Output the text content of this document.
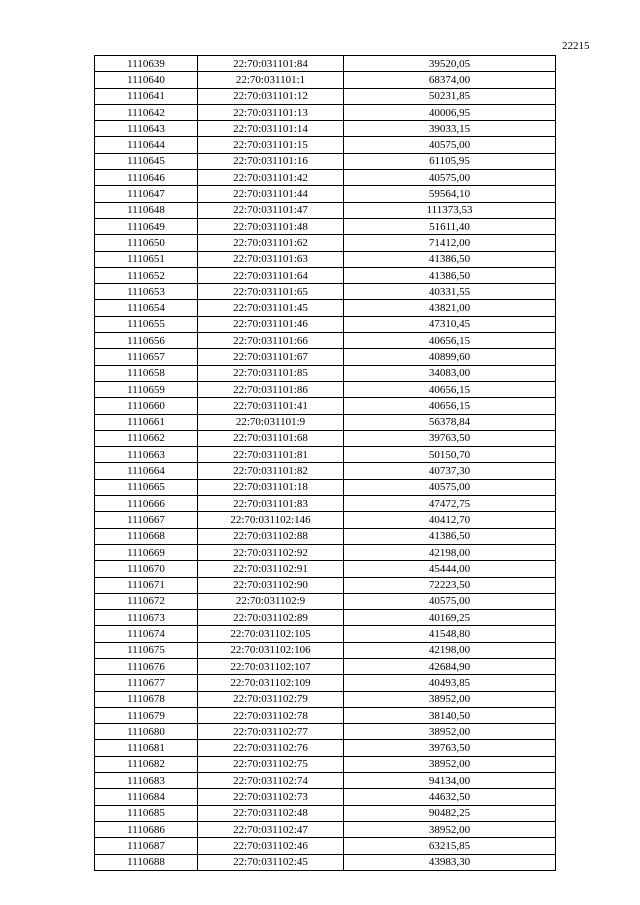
22215
1110639	22:70:031101:84	39520,05
1110640	22:70:031101:1	68374,00
1110641	22:70:031101:12	50231,85
1110642	22:70:031101:13	40006,95
1110643	22:70:031101:14	39033,15
1110644	22:70:031101:15	40575,00
1110645	22:70:031101:16	61105,95
1110646	22:70:031101:42	40575,00
1110647	22:70:031101:44	59564,10
1110648	22:70:031101:47	111373,53
1110649	22:70:031101:48	51611,40
1110650	22:70:031101:62	71412,00
1110651	22:70:031101:63	41386,50
1110652	22:70:031101:64	41386,50
1110653	22:70:031101:65	40331,55
1110654	22:70:031101:45	43821,00
1110655	22:70:031101:46	47310,45
1110656	22:70:031101:66	40656,15
1110657	22:70:031101:67	40899,60
1110658	22:70:031101:85	34083,00
1110659	22:70:031101:86	40656,15
1110660	22:70:031101:41	40656,15
1110661	22:70:031101:9	56378,84
1110662	22:70:031101:68	39763,50
1110663	22:70:031101:81	50150,70
1110664	22:70:031101:82	40737,30
1110665	22:70:031101:18	40575,00
1110666	22:70:031101:83	47472,75
1110667	22:70:031102:146	40412,70
1110668	22:70:031102:88	41386,50
1110669	22:70:031102:92	42198,00
1110670	22:70:031102:91	45444,00
1110671	22:70:031102:90	72223,50
1110672	22:70:031102:9	40575,00
1110673	22:70:031102:89	40169,25
1110674	22:70:031102:105	41548,80
1110675	22:70:031102:106	42198,00
1110676	22:70:031102:107	42684,90
1110677	22:70:031102:109	40493,85
1110678	22:70:031102:79	38952,00
1110679	22:70:031102:78	38140,50
1110680	22:70:031102:77	38952,00
1110681	22:70:031102:76	39763,50
1110682	22:70:031102:75	38952,00
1110683	22:70:031102:74	94134,00
1110684	22:70:031102:73	44632,50
1110685	22:70:031102:48	90482,25
1110686	22:70:031102:47	38952,00
1110687	22:70:031102:46	63215,85
1110688	22:70:031102:45	43983,30
